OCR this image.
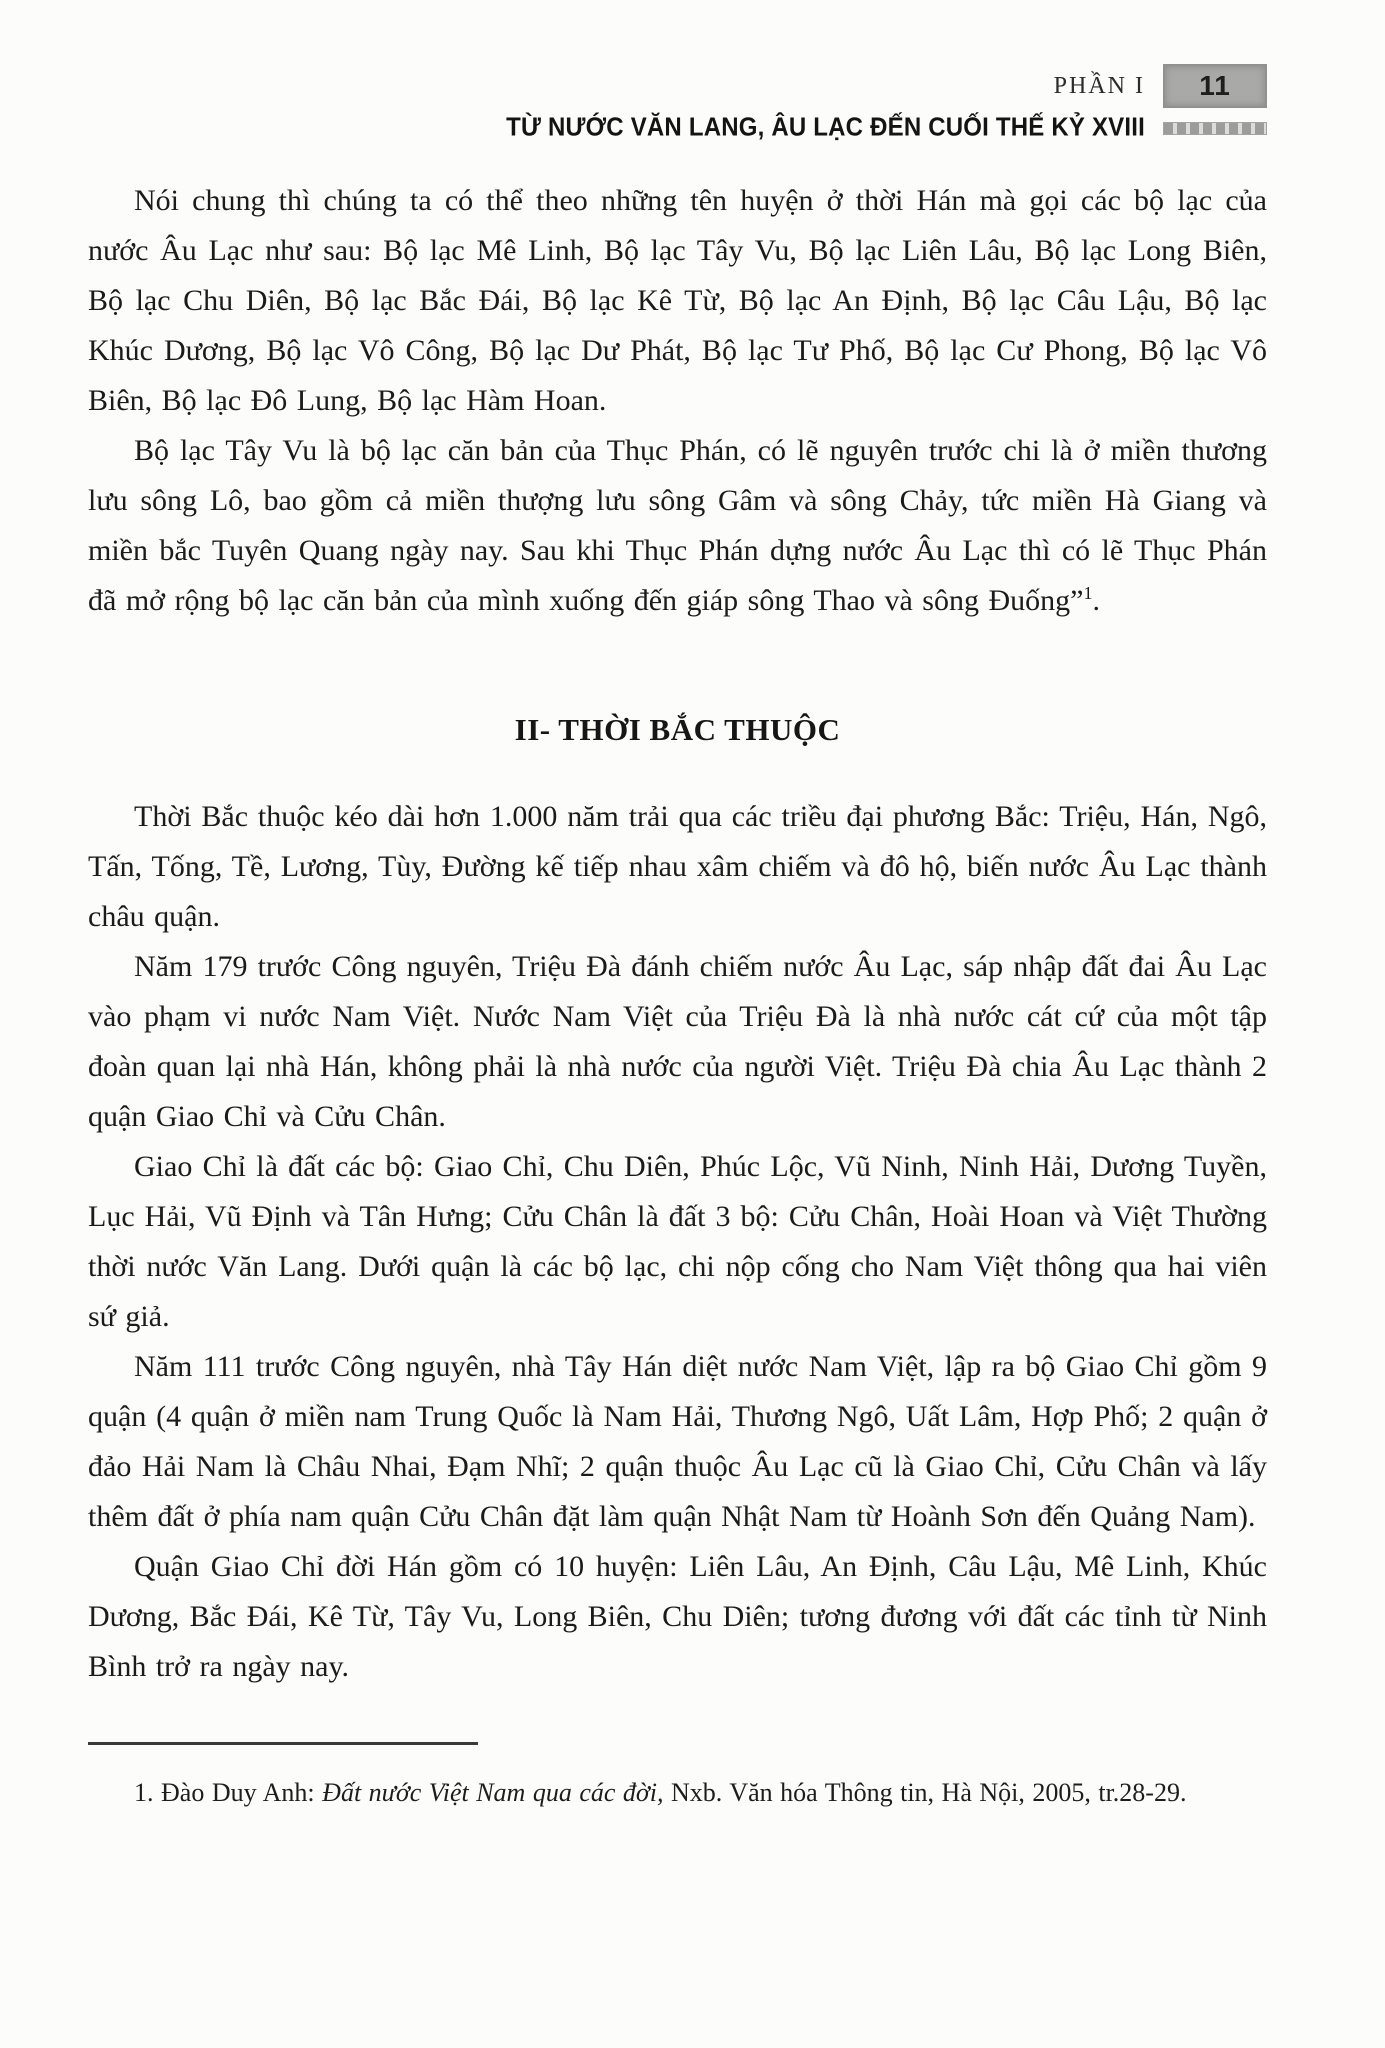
PHẦN I	11
TỪ NƯỚC VĂN LANG, ÂU LẠC ĐẾN CUỐI THẾ KỶ XVIII

Nói chung thì chúng ta có thể theo những tên huyện ở thời Hán mà gọi các bộ lạc của nước Âu Lạc như sau: Bộ lạc Mê Linh, Bộ lạc Tây Vu, Bộ lạc Liên Lâu, Bộ lạc Long Biên, Bộ lạc Chu Diên, Bộ lạc Bắc Đái, Bộ lạc Kê Từ, Bộ lạc An Định, Bộ lạc Câu Lậu, Bộ lạc Khúc Dương, Bộ lạc Vô Công, Bộ lạc Dư Phát, Bộ lạc Tư Phố, Bộ lạc Cư Phong, Bộ lạc Vô Biên, Bộ lạc Đô Lung, Bộ lạc Hàm Hoan.

Bộ lạc Tây Vu là bộ lạc căn bản của Thục Phán, có lẽ nguyên trước chi là ở miền thương lưu sông Lô, bao gồm cả miền thượng lưu sông Gâm và sông Chảy, tức miền Hà Giang và miền bắc Tuyên Quang ngày nay. Sau khi Thục Phán dựng nước Âu Lạc thì có lẽ Thục Phán đã mở rộng bộ lạc căn bản của mình xuống đến giáp sông Thao và sông Đuống”$^1$.

II- THỜI BẮC THUỘC

Thời Bắc thuộc kéo dài hơn 1.000 năm trải qua các triều đại phương Bắc: Triệu, Hán, Ngô, Tấn, Tống, Tề, Lương, Tùy, Đường kế tiếp nhau xâm chiếm và đô hộ, biến nước Âu Lạc thành châu quận.

Năm 179 trước Công nguyên, Triệu Đà đánh chiếm nước Âu Lạc, sáp nhập đất đai Âu Lạc vào phạm vi nước Nam Việt. Nước Nam Việt của Triệu Đà là nhà nước cát cứ của một tập đoàn quan lại nhà Hán, không phải là nhà nước của người Việt. Triệu Đà chia Âu Lạc thành 2 quận Giao Chỉ và Cửu Chân.

Giao Chỉ là đất các bộ: Giao Chỉ, Chu Diên, Phúc Lộc, Vũ Ninh, Ninh Hải, Dương Tuyền, Lục Hải, Vũ Định và Tân Hưng; Cửu Chân là đất 3 bộ: Cửu Chân, Hoài Hoan và Việt Thường thời nước Văn Lang. Dưới quận là các bộ lạc, chi nộp cống cho Nam Việt thông qua hai viên sứ giả.

Năm 111 trước Công nguyên, nhà Tây Hán diệt nước Nam Việt, lập ra bộ Giao Chỉ gồm 9 quận (4 quận ở miền nam Trung Quốc là Nam Hải, Thương Ngô, Uất Lâm, Hợp Phố; 2 quận ở đảo Hải Nam là Châu Nhai, Đạm Nhĩ; 2 quận thuộc Âu Lạc cũ là Giao Chỉ, Cửu Chân và lấy thêm đất ở phía nam quận Cửu Chân đặt làm quận Nhật Nam từ Hoành Sơn đến Quảng Nam).

Quận Giao Chỉ đời Hán gồm có 10 huyện: Liên Lâu, An Định, Câu Lậu, Mê Linh, Khúc Dương, Bắc Đái, Kê Từ, Tây Vu, Long Biên, Chu Diên; tương đương với đất các tỉnh từ Ninh Bình trở ra ngày nay.

1. Đào Duy Anh: Đất nước Việt Nam qua các đời, Nxb. Văn hóa Thông tin, Hà Nội, 2005, tr.28-29.
